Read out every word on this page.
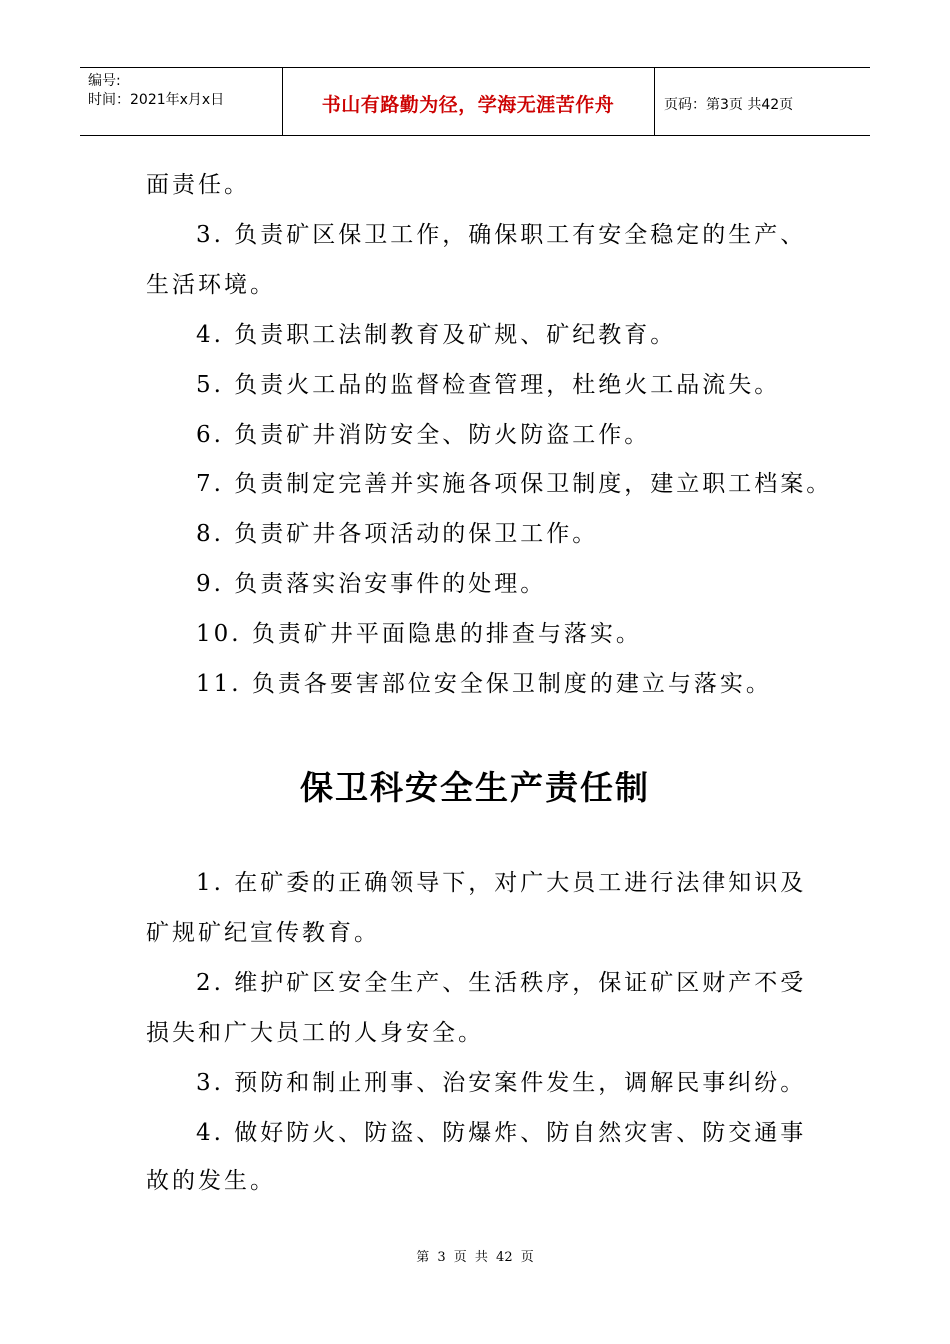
编号:
时间：2021年x月x日	书山有路勤为径，学海无涯苦作舟	页码：第3页 共42页
面责任。
3. 负责矿区保卫工作，确保职工有安全稳定的生产、
生活环境。
4. 负责职工法制教育及矿规、矿纪教育。
5. 负责火工品的监督检查管理，杜绝火工品流失。
6. 负责矿井消防安全、防火防盗工作。
7. 负责制定完善并实施各项保卫制度，建立职工档案。
8. 负责矿井各项活动的保卫工作。
9. 负责落实治安事件的处理。
10. 负责矿井平面隐患的排查与落实。
11. 负责各要害部位安全保卫制度的建立与落实。
保卫科安全生产责任制
1. 在矿委的正确领导下，对广大员工进行法律知识及
矿规矿纪宣传教育。
2. 维护矿区安全生产、生活秩序，保证矿区财产不受
损失和广大员工的人身安全。
3. 预防和制止刑事、治安案件发生，调解民事纠纷。
4. 做好防火、防盗、防爆炸、防自然灾害、防交通事
故的发生。
第 3 页 共 42 页
